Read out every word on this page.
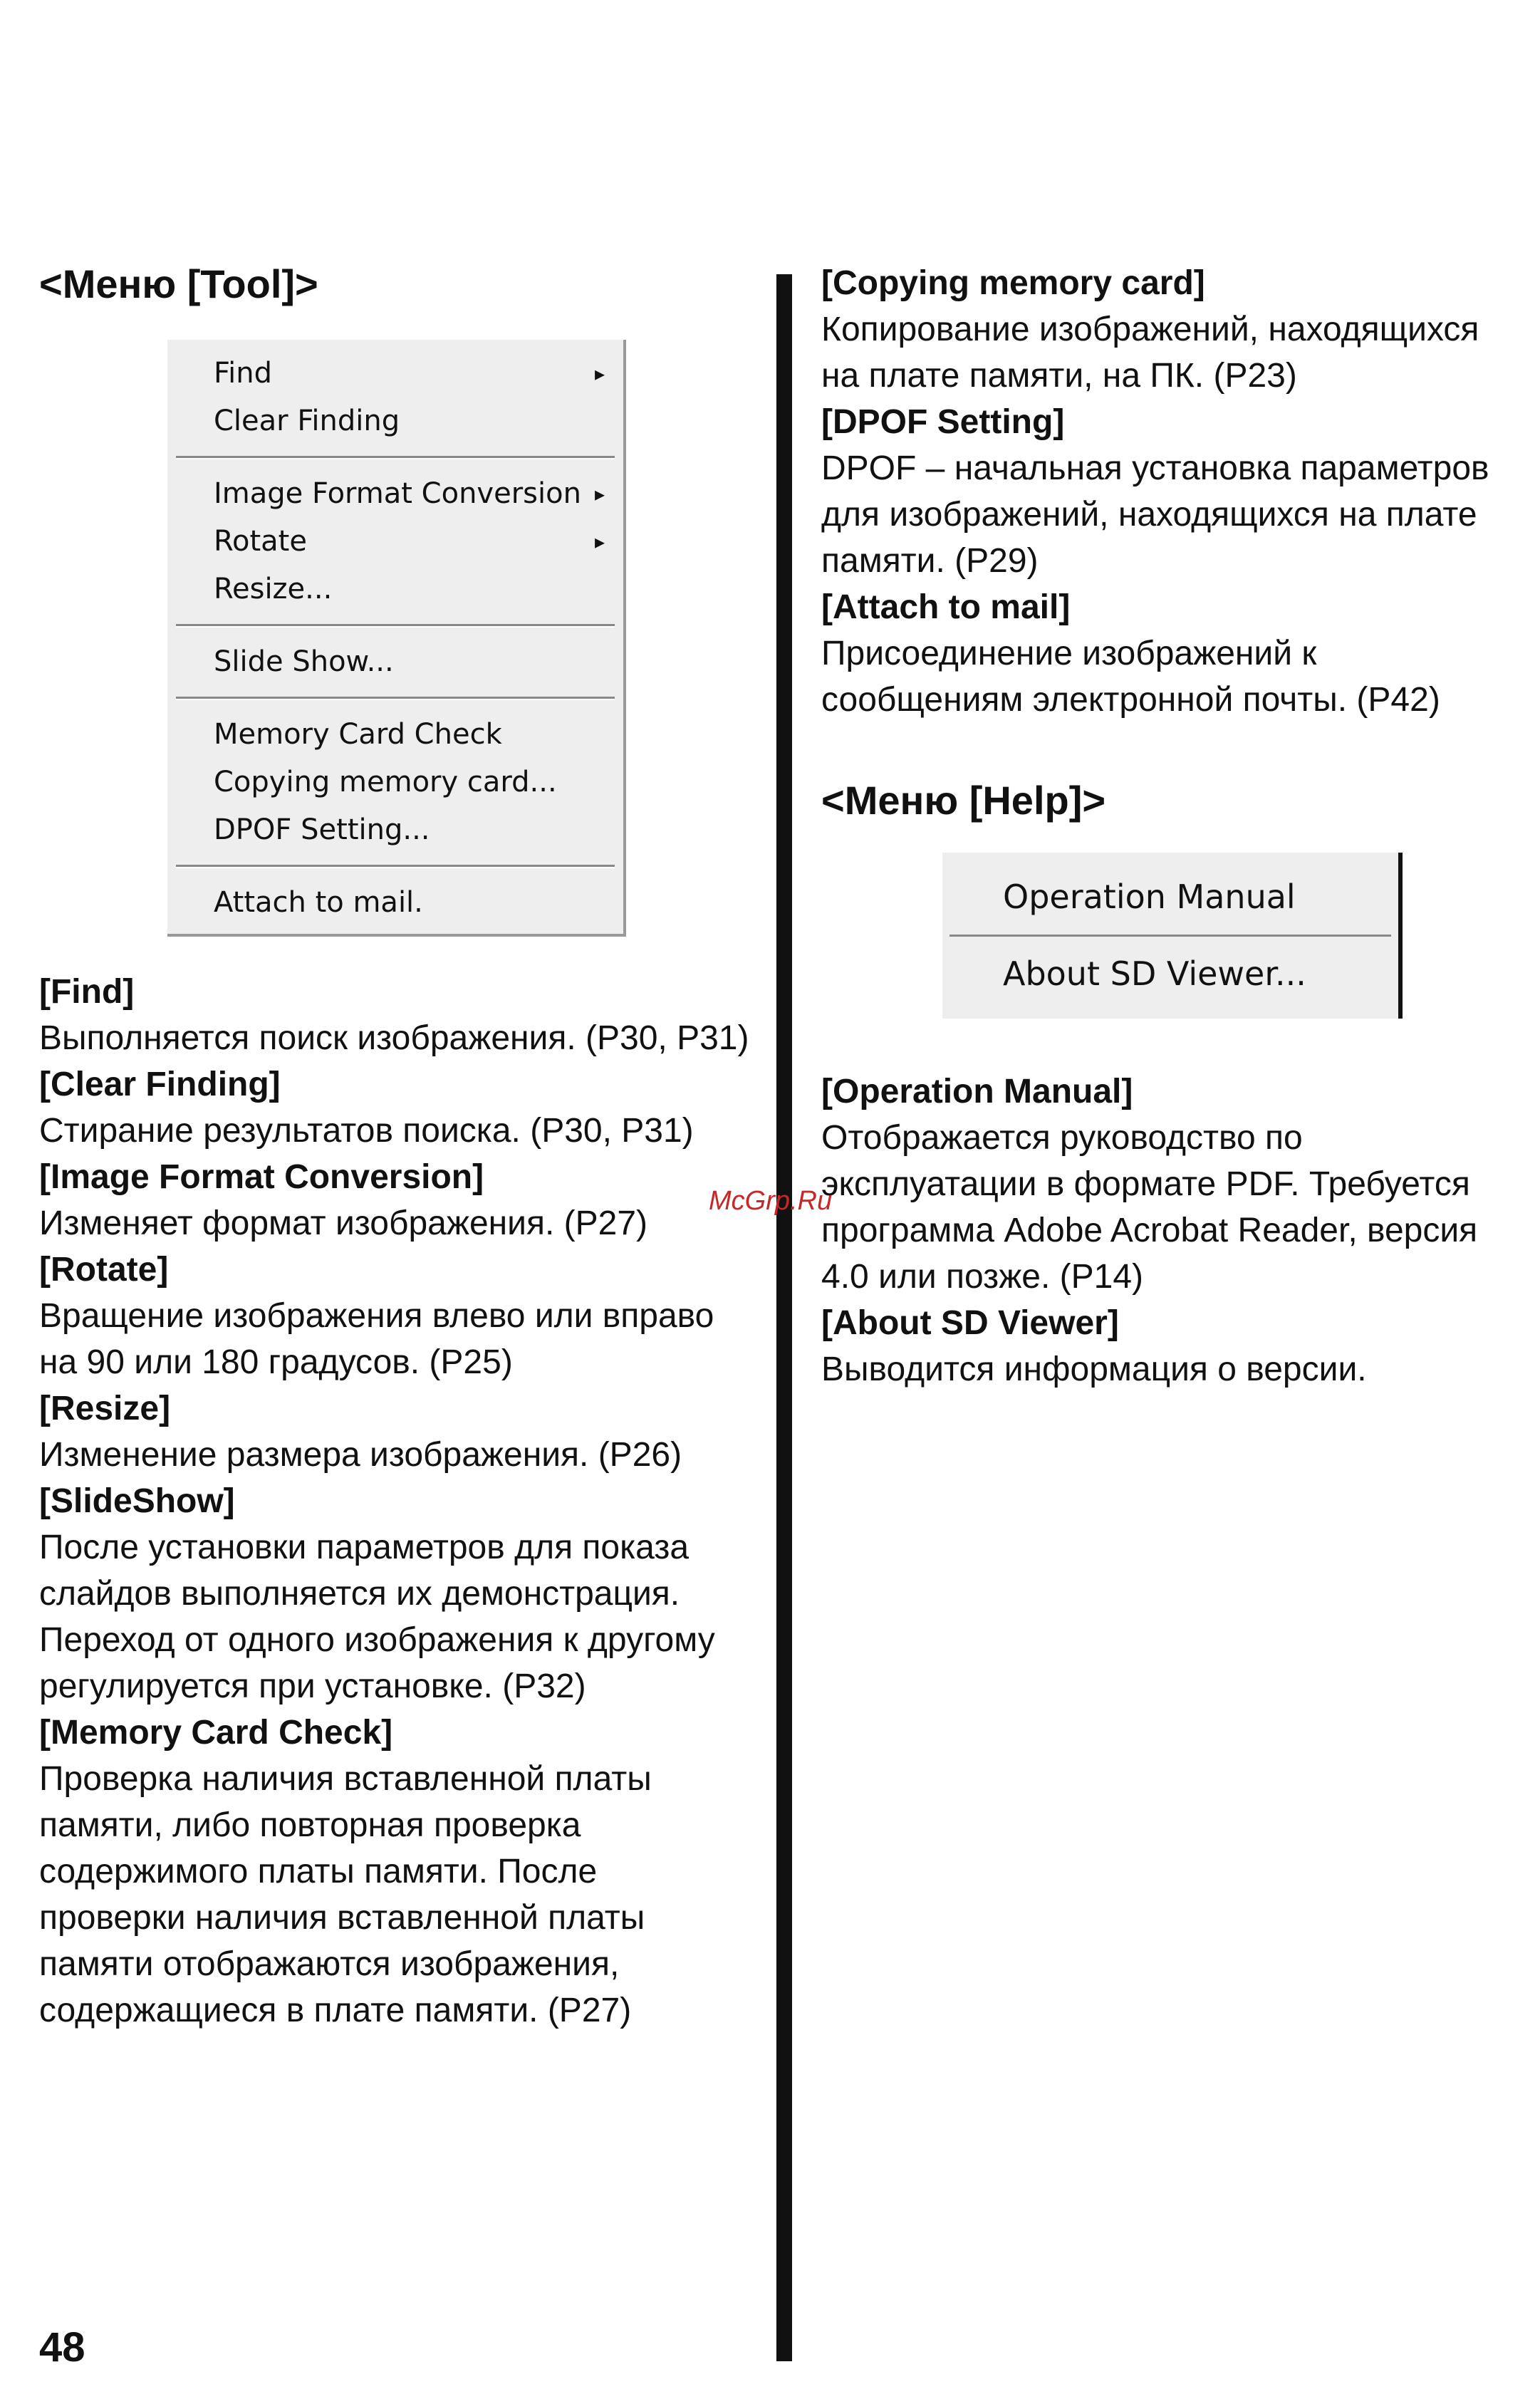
<Меню [Tool]>
Find	▸
Clear Finding
Image Format Conversion ▸
Rotate	▸
Resize...
Slide Show...
Memory Card Check
Copying memory card...
DPOF Setting...
Attach to mail.
[Find]
Выполняется поиск изображения. (P30, P31)
[Clear Finding]
Стирание результатов поиска. (P30, P31)
[Image Format Conversion]
Изменяет формат изображения. (P27)
[Rotate]
Вращение изображения влево или вправо на 90 или 180 градусов. (P25)
[Resize]
Изменение размера изображения. (P26)
[SlideShow]
После установки параметров для показа слайдов выполняется их демонстрация. Переход от одного изображения к другому регулируется при установке. (P32)
[Memory Card Check]
Проверка наличия вставленной платы памяти, либо повторная проверка содержимого платы памяти. После проверки наличия вставленной платы памяти отображаются изображения, содержащиеся в плате памяти. (P27)
[Copying memory card]
Копирование изображений, находящихся на плате памяти, на ПК. (P23)
[DPOF Setting]
DPOF – начальная установка параметров для изображений, находящихся на плате памяти. (P29)
[Attach to mail]
Присоединение изображений к сообщениям электронной почты. (P42)
<Меню [Help]>
Operation Manual
About SD Viewer...
[Operation Manual]
Отображается руководство по эксплуатации в формате PDF. Требуется программа Adobe Acrobat Reader, версия 4.0 или позже. (P14)
[About SD Viewer]
Выводится информация о версии.
McGrp.Ru
48
